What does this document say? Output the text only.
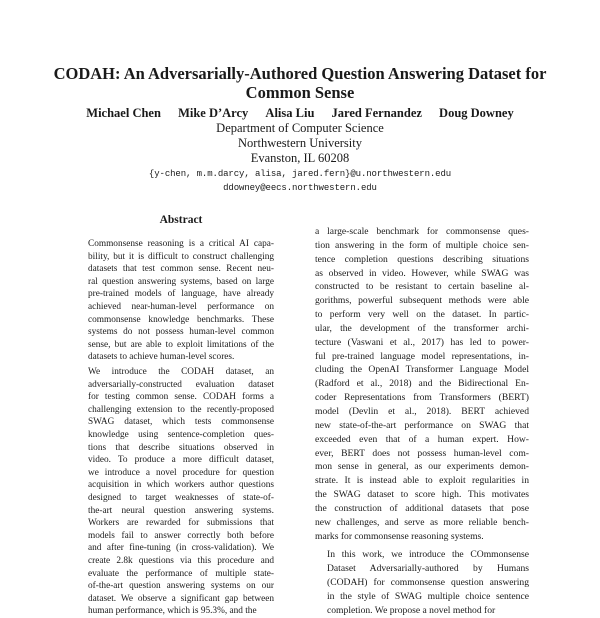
CODAH: An Adversarially-Authored Question Answering Dataset for
Common Sense
Michael Chen Mike D’Arcy Alisa Liu Jared Fernandez Doug Downey
Department of Computer Science
Northwestern University
Evanston, IL 60208
{y-chen, m.m.darcy, alisa, jared.fern}@u.northwestern.edu
ddowney@eecs.northwestern.edu
Abstract
Commonsense reasoning is a critical AI capa-
bility, but it is difficult to construct challenging
datasets that test common sense. Recent neu-
ral question answering systems, based on large
pre-trained models of language, have already
achieved near-human-level performance on
commonsense knowledge benchmarks. These
systems do not possess human-level common
sense, but are able to exploit limitations of the
datasets to achieve human-level scores.
We introduce the CODAH dataset, an
adversarially-constructed evaluation dataset
for testing common sense. CODAH forms a
challenging extension to the recently-proposed
SWAG dataset, which tests commonsense
knowledge using sentence-completion ques-
tions that describe situations observed in
video. To produce a more difficult dataset,
we introduce a novel procedure for question
acquisition in which workers author questions
designed to target weaknesses of state-of-
the-art neural question answering systems.
Workers are rewarded for submissions that
models fail to answer correctly both before
and after fine-tuning (in cross-validation). We
create 2.8k questions via this procedure and
evaluate the performance of multiple state-
of-the-art question answering systems on our
dataset. We observe a significant gap between
human performance, which is 95.3%, and the

a large-scale benchmark for commonsense ques-
tion answering in the form of multiple choice sen-
tence completion questions describing situations
as observed in video. However, while SWAG was
constructed to be resistant to certain baseline al-
gorithms, powerful subsequent methods were able
to perform very well on the dataset. In partic-
ular, the development of the transformer archi-
tecture (Vaswani et al., 2017) has led to power-
ful pre-trained language model representations, in-
cluding the OpenAI Transformer Language Model
(Radford et al., 2018) and the Bidirectional En-
coder Representations from Transformers (BERT)
model (Devlin et al., 2018). BERT achieved
new state-of-the-art performance on SWAG that
exceeded even that of a human expert. How-
ever, BERT does not possess human-level com-
mon sense in general, as our experiments demon-
strate. It is instead able to exploit regularities in
the SWAG dataset to score high. This motivates
the construction of additional datasets that pose
new challenges, and serve as more reliable bench-
marks for commonsense reasoning systems.

In this work, we introduce the COmmonsense
Dataset Adversarially-authored by Humans
(CODAH) for commonsense question answering
in the style of SWAG multiple choice sentence
completion. We propose a novel method for
